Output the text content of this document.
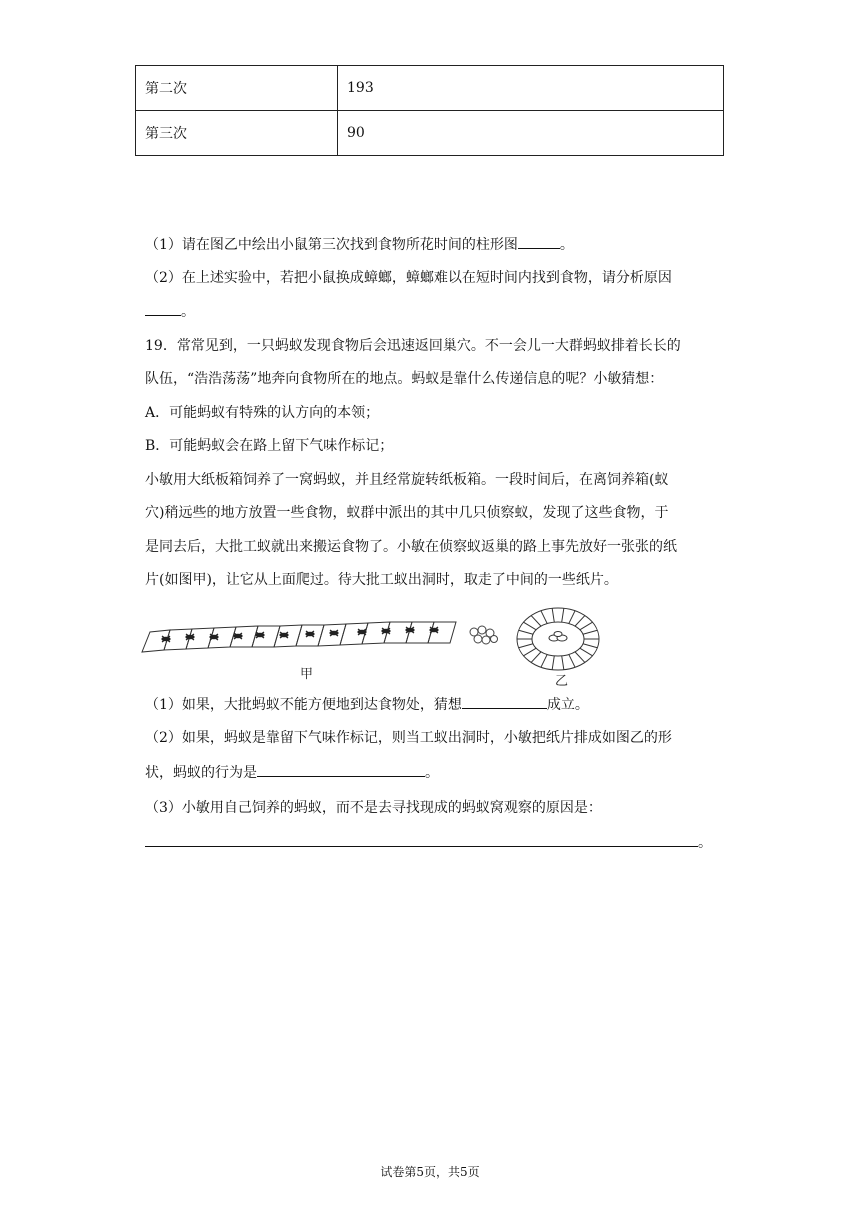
第二次	193
第三次	90
（1）请在图乙中绘出小鼠第三次找到食物所花时间的柱形图	。
（2）在上述实验中，若把小鼠换成蟑螂，蟑螂难以在短时间内找到食物，请分析原因
。
19．常常见到，一只蚂蚁发现食物后会迅速返回巢穴。不一会儿一大群蚂蚁排着长长的
队伍，“浩浩荡荡”地奔向食物所在的地点。蚂蚁是靠什么传递信息的呢？小敏猜想：
A．可能蚂蚁有特殊的认方向的本领；
B．可能蚂蚁会在路上留下气味作标记；
小敏用大纸板箱饲养了一窝蚂蚁，并且经常旋转纸板箱。一段时间后，在离饲养箱(蚁
穴)稍远些的地方放置一些食物，蚁群中派出的其中几只侦察蚁，发现了这些食物，于
是同去后，大批工蚁就出来搬运食物了。小敏在侦察蚁返巢的路上事先放好一张张的纸
片(如图甲)，让它从上面爬过。待大批工蚁出洞时，取走了中间的一些纸片。
甲	乙
（1）如果，大批蚂蚁不能方便地到达食物处，猜想	成立。
（2）如果，蚂蚁是靠留下气味作标记，则当工蚁出洞时，小敏把纸片排成如图乙的形
状，蚂蚁的行为是	。
（3）小敏用自己饲养的蚂蚁，而不是去寻找现成的蚂蚁窝观察的原因是：
。
试卷第5页，共5页
